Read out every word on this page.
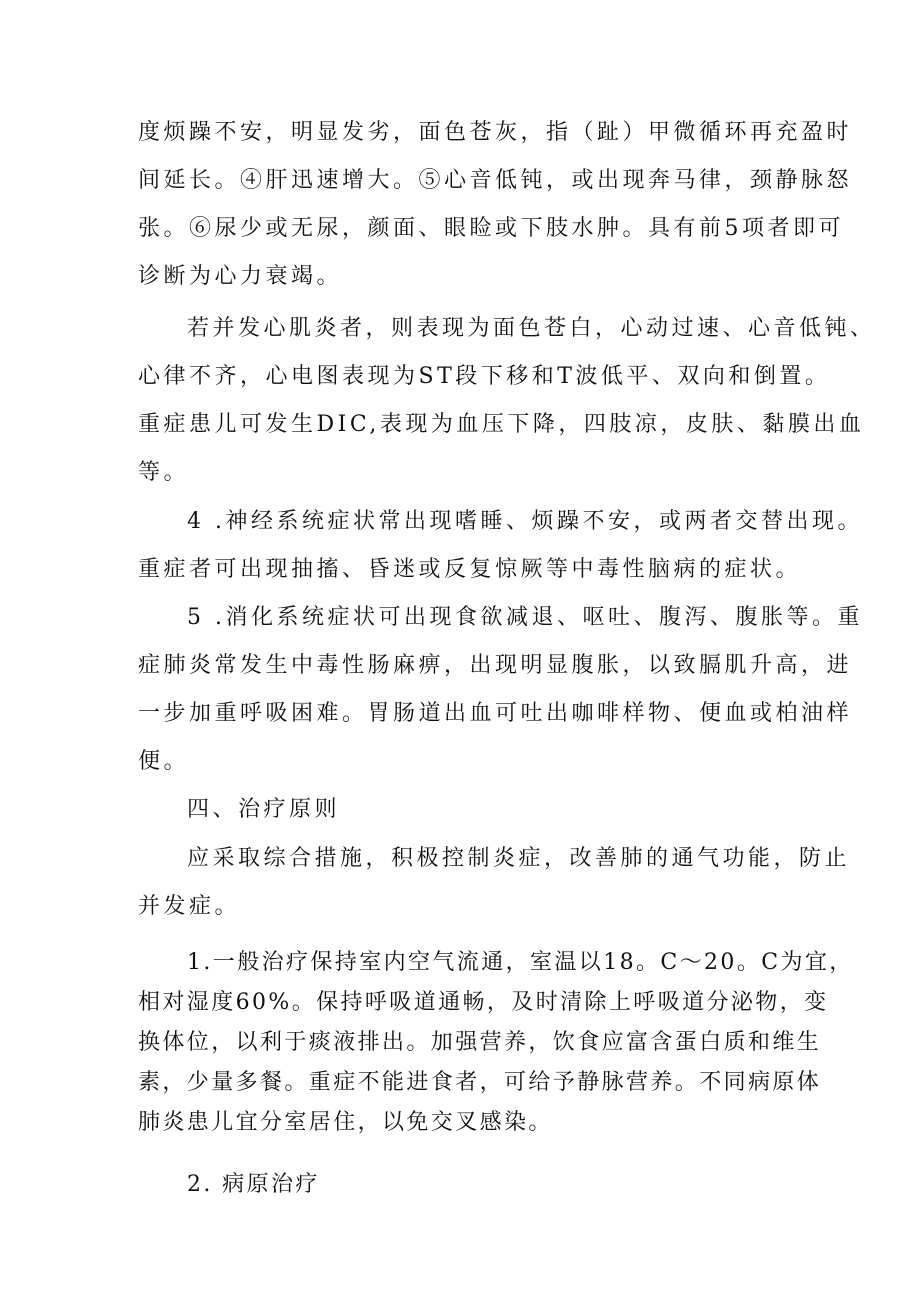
度烦躁不安，明显发劣，面色苍灰，指（趾）甲微循环再充盈时

间延长。④肝迅速增大。⑤心音低钝，或出现奔马律，颈静脉怒

张。⑥尿少或无尿，颜面、眼睑或下肢水肿。具有前5项者即可

诊断为心力衰竭。

若并发心肌炎者，则表现为面色苍白，心动过速、心音低钝、

心律不齐，心电图表现为ST段下移和T波低平、双向和倒置。

重症患儿可发生DIC,表现为血压下降，四肢凉，皮肤、黏膜出血

等。

4 .神经系统症状常出现嗜睡、烦躁不安，或两者交替出现。

重症者可出现抽搐、昏迷或反复惊厥等中毒性脑病的症状。

5 .消化系统症状可出现食欲减退、呕吐、腹泻、腹胀等。重

症肺炎常发生中毒性肠麻痹，出现明显腹胀，以致膈肌升高，进

一步加重呼吸困难。胃肠道出血可吐出咖啡样物、便血或柏油样

便。

四、治疗原则

应采取综合措施，积极控制炎症，改善肺的通气功能，防止

并发症。

1.一般治疗保持室内空气流通，室温以18。C～20。C为宜，

相对湿度60%。保持呼吸道通畅，及时清除上呼吸道分泌物，变

换体位，以利于痰液排出。加强营养，饮食应富含蛋白质和维生

素，少量多餐。重症不能进食者，可给予静脉营养。不同病原体

肺炎患儿宜分室居住，以免交叉感染。

2. 病原治疗
